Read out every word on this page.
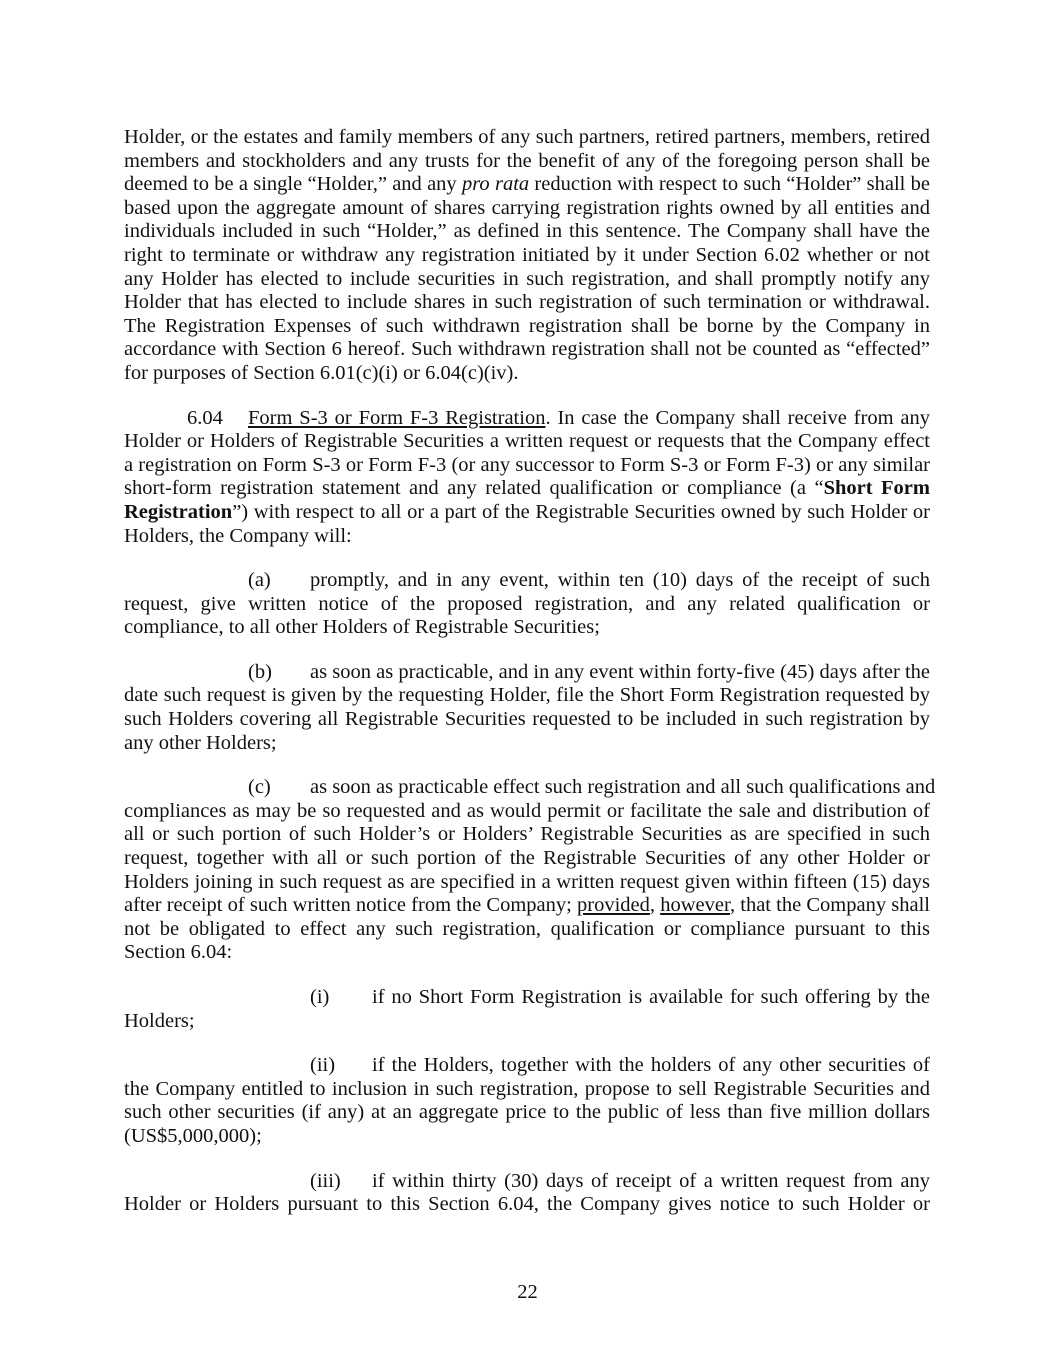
Holder, or the estates and family members of any such partners, retired partners, members, retired
members and stockholders and any trusts for the benefit of any of the foregoing person shall be
deemed to be a single “Holder,” and any pro rata reduction with respect to such “Holder” shall be
based upon the aggregate amount of shares carrying registration rights owned by all entities and
individuals included in such “Holder,” as defined in this sentence. The Company shall have the
right to terminate or withdraw any registration initiated by it under Section 6.02 whether or not
any Holder has elected to include securities in such registration, and shall promptly notify any
Holder that has elected to include shares in such registration of such termination or withdrawal.
The Registration Expenses of such withdrawn registration shall be borne by the Company in
accordance with Section 6 hereof. Such withdrawn registration shall not be counted as “effected”
for purposes of Section 6.01(c)(i) or 6.04(c)(iv).
6.04 Form S-3 or Form F-3 Registration. In case the Company shall receive from any
Holder or Holders of Registrable Securities a written request or requests that the Company effect
a registration on Form S-3 or Form F-3 (or any successor to Form S-3 or Form F-3) or any similar
short-form registration statement and any related qualification or compliance (a “Short Form
Registration”) with respect to all or a part of the Registrable Securities owned by such Holder or
Holders, the Company will:
(a) promptly, and in any event, within ten (10) days of the receipt of such
request, give written notice of the proposed registration, and any related qualification or
compliance, to all other Holders of Registrable Securities;
(b) as soon as practicable, and in any event within forty-five (45) days after the
date such request is given by the requesting Holder, file the Short Form Registration requested by
such Holders covering all Registrable Securities requested to be included in such registration by
any other Holders;
(c) as soon as practicable effect such registration and all such qualifications and
compliances as may be so requested and as would permit or facilitate the sale and distribution of
all or such portion of such Holder’s or Holders’ Registrable Securities as are specified in such
request, together with all or such portion of the Registrable Securities of any other Holder or
Holders joining in such request as are specified in a written request given within fifteen (15) days
after receipt of such written notice from the Company; provided, however, that the Company shall
not be obligated to effect any such registration, qualification or compliance pursuant to this
Section 6.04:
(i) if no Short Form Registration is available for such offering by the
Holders;
(ii) if the Holders, together with the holders of any other securities of
the Company entitled to inclusion in such registration, propose to sell Registrable Securities and
such other securities (if any) at an aggregate price to the public of less than five million dollars
(US$5,000,000);
(iii) if within thirty (30) days of receipt of a written request from any
Holder or Holders pursuant to this Section 6.04, the Company gives notice to such Holder or
22
